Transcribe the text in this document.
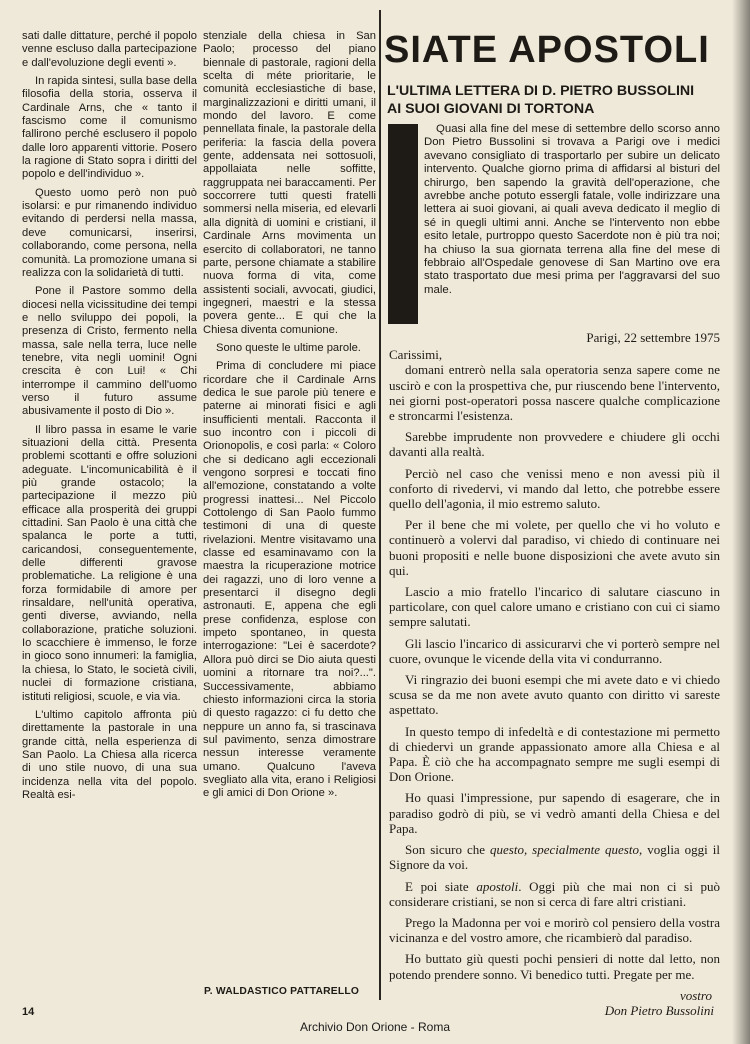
sati dalle dittature, perché il popolo venne escluso dalla partecipazione e dall'evoluzione degli eventi ».

In rapida sintesi, sulla base della filosofia della storia, osserva il Cardinale Arns, che « tanto il fascismo come il comunismo fallirono perché esclusero il popolo dalle loro apparenti vittorie. Posero la ragione di Stato sopra i diritti del popolo e dell'individuo ».

Questo uomo però non può isolarsi: e pur rimanendo individuo evitando di perdersi nella massa, deve comunicarsi, inserirsi, collaborando, come persona, nella comunità. La promozione umana si realizza con la solidarietà di tutti.

Pone il Pastore sommo della diocesi nella vicissitudine dei tempi e nello sviluppo dei popoli, la presenza di Cristo, fermento nella massa, sale nella terra, luce nelle tenebre, vita negli uomini! Ogni crescita è con Lui! « Chi interrompe il cammino dell'uomo verso il futuro assume abusivamente il posto di Dio ».

Il libro passa in esame le varie situazioni della città. Presenta problemi scottanti e offre soluzioni adeguate. L'incomunicabilità è il più grande ostacolo; la partecipazione il mezzo più efficace alla prosperità dei gruppi cittadini. San Paolo è una città che spalanca le porte a tutti, caricandosi, conseguentemente, delle differenti gravose problematiche. La religione è una forza formidabile di amore per rinsaldare, nell'unità operativa, genti diverse, avviando, nella collaborazione, pratiche soluzioni. Io scacchiere è immenso, le forze in gioco sono innumeri: la famiglia, la chiesa, lo Stato, le società civili, nuclei di formazione cristiana, istituti religiosi, scuole, e via via.

L'ultimo capitolo affronta più direttamente la pastorale in una grande città, nella esperienza di San Paolo. La Chiesa alla ricerca di uno stile nuovo, di una sua incidenza nella vita del popolo. Realtà esi-

stenziale della chiesa in San Paolo; processo del piano biennale di pastorale, ragioni della scelta di méte prioritarie, le comunità ecclesiastiche di base, marginalizzazioni e diritti umani, il mondo del lavoro. E come pennellata finale, la pastorale della periferia: la fascia della povera gente, addensata nei sottosuoli, appollaiata nelle soffitte, raggruppata nei baraccamenti. Per soccorrere tutti questi fratelli sommersi nella miseria, ed elevarli alla dignità di uomini e cristiani, il Cardinale Arns movimenta un esercito di collaboratori, ne tanno parte, persone chiamate a stabilire nuova forma di vita, come assistenti sociali, avvocati, giudici, ingegneri, maestri e la stessa povera gente... E qui che la Chiesa diventa comunione.

Sono queste le ultime parole.

Prima di concludere mi piace ricordare che il Cardinale Arns dedica le sue parole più tenere e paterne ai minorati fisici e agli insufficienti mentali. Racconta il suo incontro con i piccoli di Orionopolis, e così parla: « Coloro che si dedicano agli eccezionali vengono sorpresi e toccati fino all'emozione, constatando a volte progressi inattesi... Nel Piccolo Cottolengo di San Paolo fummo testimoni di una di queste rivelazioni. Mentre visitavamo una classe ed esaminavamo con la maestra la ricuperazione motrice dei ragazzi, uno di loro venne a presentarci il disegno degli astronauti. E, appena che egli prese confidenza, esplose con impeto spontaneo, in questa interrogazione: "Lei è sacerdote? Allora può dirci se Dio aiuta questi uomini a ritornare tra noi?...". Successivamente, abbiamo chiesto informazioni circa la storia di questo ragazzo: ci fu detto che neppure un anno fa, si trascinava sul pavimento, senza dimostrare nessun interesse veramente umano. Qualcuno l'aveva svegliato alla vita, erano i Religiosi e gli amici di Don Orione ».

P. WALDASTICO PATTARELLO
SIATE APOSTOLI
L'ULTIMA LETTERA DI D. PIETRO BUSSOLINI
AI SUOI GIOVANI DI TORTONA

Quasi alla fine del mese di settembre dello scorso anno Don Pietro Bussolini si trovava a Parigi ove i medici avevano consigliato di trasportarlo per subire un delicato intervento. Qualche giorno prima di affidarsi al bisturi del chirurgo, ben sapendo la gravità dell'operazione, che avrebbe anche potuto essergli fatale, volle indirizzare una lettera ai suoi giovani, ai quali aveva dedicato il meglio di sé in quegli ultimi anni. Anche se l'intervento non ebbe esito letale, purtroppo questo Sacerdote non è più tra noi; ha chiuso la sua giornata terrena alla fine del mese di febbraio all'Ospedale genovese di San Martino ove era stato trasportato due mesi prima per l'aggravarsi del suo male.

Parigi, 22 settembre 1975

Carissimi,

domani entrerò nella sala operatoria senza sapere come ne uscirò e con la prospettiva che, pur riuscendo bene l'intervento, nei giorni post-operatori possa nascere qualche complicazione e stroncarmi l'esistenza.

Sarebbe imprudente non provvedere e chiudere gli occhi davanti alla realtà.

Perciò nel caso che venissi meno e non avessi più il conforto di rivedervi, vi mando dal letto, che potrebbe essere quello dell'agonia, il mio estremo saluto.

Per il bene che mi volete, per quello che vi ho voluto e continuerò a volervi dal paradiso, vi chiedo di continuare nei buoni propositi e nelle buone disposizioni che avete avuto sin qui.

Lascio a mio fratello l'incarico di salutare ciascuno in particolare, con quel calore umano e cristiano con cui ci siamo sempre salutati.

Gli lascio l'incarico di assicurarvi che vi porterò sempre nel cuore, ovunque le vicende della vita vi condurranno.

Vi ringrazio dei buoni esempi che mi avete dato e vi chiedo scusa se da me non avete avuto quanto con diritto vi sareste aspettato.

In questo tempo di infedeltà e di contestazione mi permetto di chiedervi un grande appassionato amore alla Chiesa e al Papa. È ciò che ha accompagnato sempre me sugli esempi di Don Orione.

Ho quasi l'impressione, pur sapendo di esagerare, che in paradiso godrò di più, se vi vedrò amanti della Chiesa e del Papa.

Son sicuro che questo, specialmente questo, voglia oggi il Signore da voi.

E poi siate apostoli. Oggi più che mai non ci si può considerare cristiani, se non si cerca di fare altri cristiani.

Prego la Madonna per voi e morirò col pensiero della vostra vicinanza e del vostro amore, che ricambierò dal paradiso.

Ho buttato giù questi pochi pensieri di notte dal letto, non potendo prendere sonno. Vi benedico tutti. Pregate per me.

vostro

Don Pietro Bussolini

14
Archivio Don Orione - Roma
